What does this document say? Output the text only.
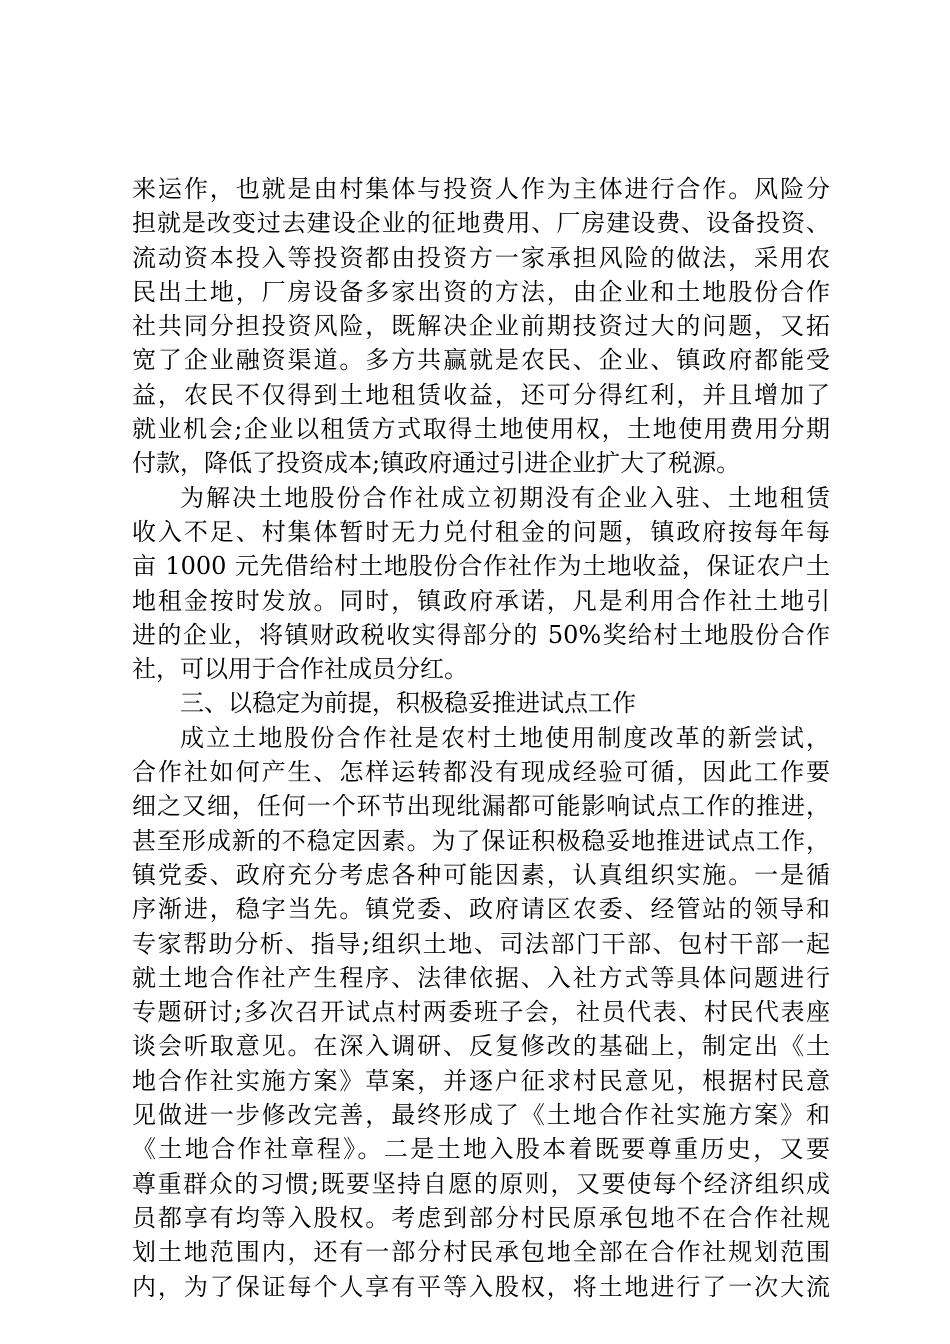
来运作，也就是由村集体与投资人作为主体进行合作。风险分
担就是改变过去建设企业的征地费用、厂房建设费、设备投资、
流动资本投入等投资都由投资方一家承担风险的做法，采用农
民出土地，厂房设备多家出资的方法，由企业和土地股份合作
社共同分担投资风险，既解决企业前期技资过大的问题，又拓
宽了企业融资渠道。多方共赢就是农民、企业、镇政府都能受
益，农民不仅得到土地租赁收益，还可分得红利，并且增加了
就业机会;企业以租赁方式取得土地使用权，土地使用费用分期
付款，降低了投资成本;镇政府通过引进企业扩大了税源。
为解决土地股份合作社成立初期没有企业入驻、土地租赁
收入不足、村集体暂时无力兑付租金的问题，镇政府按每年每
亩 1000 元先借给村土地股份合作社作为土地收益，保证农户土
地租金按时发放。同时，镇政府承诺，凡是利用合作社土地引
进的企业，将镇财政税收实得部分的 50%奖给村土地股份合作
社，可以用于合作社成员分红。
三、以稳定为前提，积极稳妥推进试点工作
成立土地股份合作社是农村土地使用制度改革的新尝试，
合作社如何产生、怎样运转都没有现成经验可循，因此工作要
细之又细，任何一个环节出现纰漏都可能影响试点工作的推进，
甚至形成新的不稳定因素。为了保证积极稳妥地推进试点工作，
镇党委、政府充分考虑各种可能因素，认真组织实施。一是循
序渐进，稳字当先。镇党委、政府请区农委、经管站的领导和
专家帮助分析、指导;组织土地、司法部门干部、包村干部一起
就土地合作社产生程序、法律依据、入社方式等具体问题进行
专题研讨;多次召开试点村两委班子会，社员代表、村民代表座
谈会听取意见。在深入调研、反复修改的基础上，制定出《土
地合作社实施方案》草案，并逐户征求村民意见，根据村民意
见做进一步修改完善，最终形成了《土地合作社实施方案》和
《土地合作社章程》。二是土地入股本着既要尊重历史，又要
尊重群众的习惯;既要坚持自愿的原则，又要使每个经济组织成
员都享有均等入股权。考虑到部分村民原承包地不在合作社规
划土地范围内，还有一部分村民承包地全部在合作社规划范围
内，为了保证每个人享有平等入股权，将土地进行了一次大流
